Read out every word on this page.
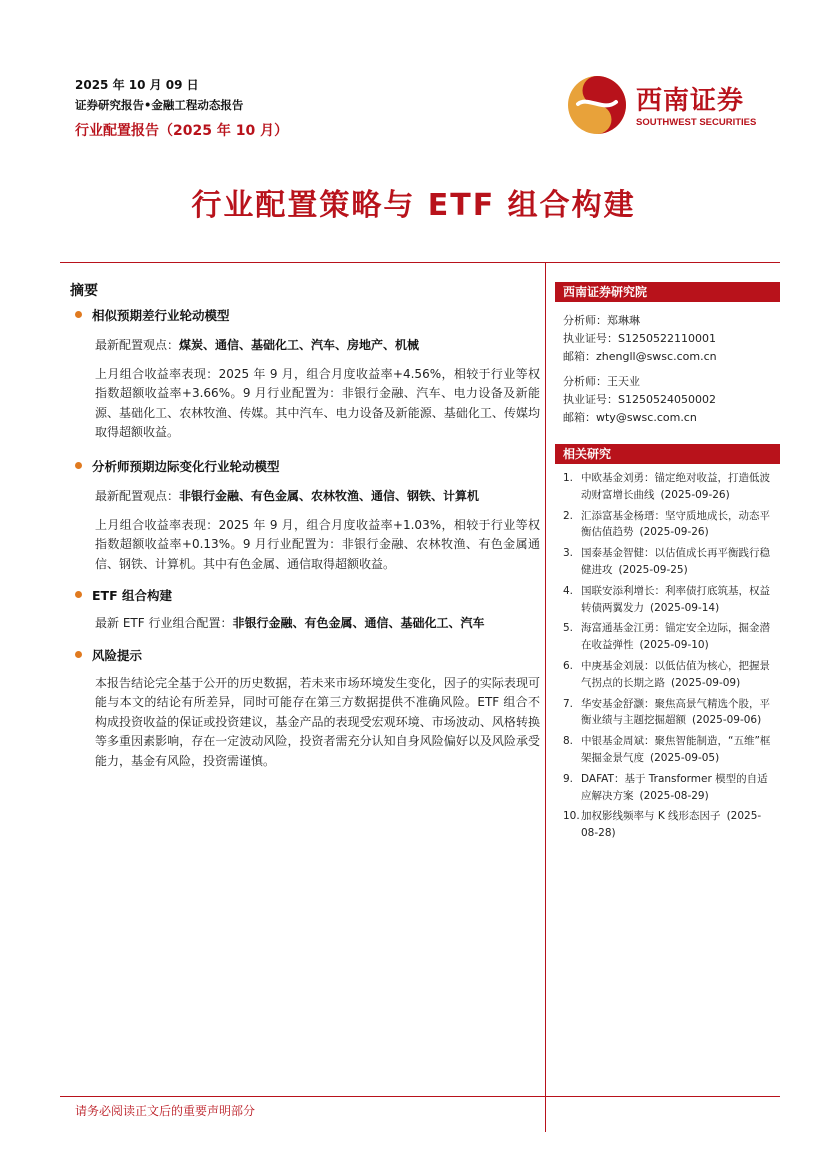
2025 年 10 月 09 日
证券研究报告•金融工程动态报告
行业配置报告（2025 年 10 月）
西南证券
SOUTHWEST SECURITIES
行业配置策略与 ETF 组合构建
摘要
相似预期差行业轮动模型
最新配置观点：煤炭、通信、基础化工、汽车、房地产、机械
上月组合收益率表现：2025 年 9 月，组合月度收益率+4.56%，相较于行业等权指数超额收益率+3.66%。9 月行业配置为：非银行金融、汽车、电力设备及新能源、基础化工、农林牧渔、传媒。其中汽车、电力设备及新能源、基础化工、传媒均取得超额收益。
分析师预期边际变化行业轮动模型
最新配置观点：非银行金融、有色金属、农林牧渔、通信、钢铁、计算机
上月组合收益率表现：2025 年 9 月，组合月度收益率+1.03%，相较于行业等权指数超额收益率+0.13%。9 月行业配置为：非银行金融、农林牧渔、有色金属通信、钢铁、计算机。其中有色金属、通信取得超额收益。
ETF 组合构建
最新 ETF 行业组合配置：非银行金融、有色金属、通信、基础化工、汽车
风险提示
本报告结论完全基于公开的历史数据，若未来市场环境发生变化，因子的实际表现可能与本文的结论有所差异，同时可能存在第三方数据提供不准确风险。ETF 组合不构成投资收益的保证或投资建议，基金产品的表现受宏观环境、市场波动、风格转换等多重因素影响，存在一定波动风险，投资者需充分认知自身风险偏好以及风险承受能力，基金有风险，投资需谨慎。
西南证券研究院
分析师：郑琳琳
执业证号：S1250522110001
邮箱：zhengll@swsc.com.cn
分析师：王天业
执业证号：S1250524050002
邮箱：wty@swsc.com.cn
相关研究
1. 中欧基金刘勇：锚定绝对收益，打造低波动财富增长曲线 (2025-09-26)
2. 汇添富基金杨瑨：坚守质地成长，动态平衡估值趋势 (2025-09-26)
3. 国泰基金智健：以估值成长再平衡践行稳健进攻 (2025-09-25)
4. 国联安添利增长：利率债打底筑基，权益转债两翼发力 (2025-09-14)
5. 海富通基金江勇：锚定安全边际，掘金潜在收益弹性 (2025-09-10)
6. 中庚基金刘晟：以低估值为核心，把握景气拐点的长期之路 (2025-09-09)
7. 华安基金舒灏：聚焦高景气精选个股，平衡业绩与主题挖掘超额 (2025-09-06)
8. 中银基金周斌：聚焦智能制造，“五维”框架掘金景气度 (2025-09-05)
9. DAFAT：基于 Transformer 模型的自适应解决方案 (2025-08-29)
10. 加权影线频率与 K 线形态因子 (2025-08-28)
请务必阅读正文后的重要声明部分
